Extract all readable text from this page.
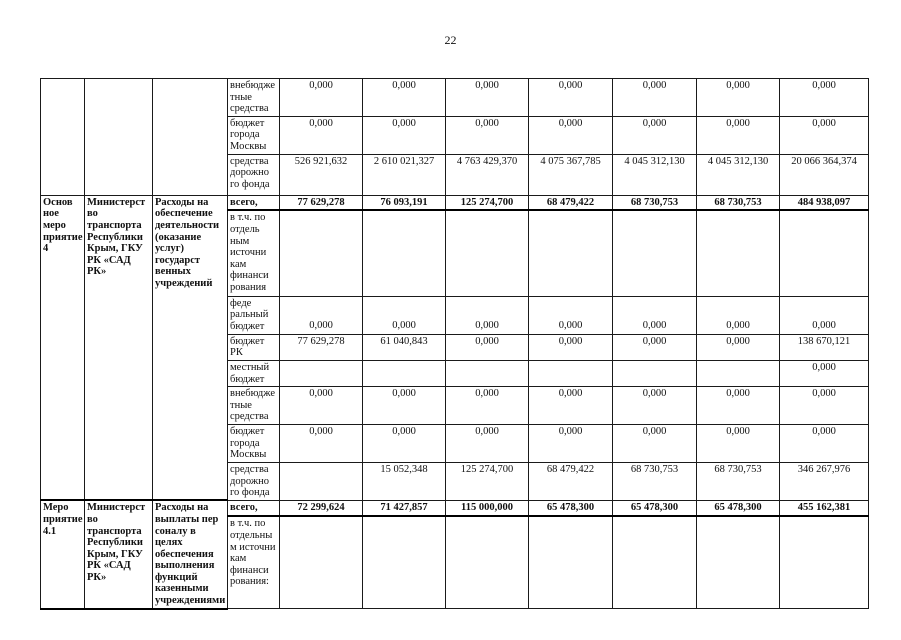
22
			внебюдже тные средства	0,000	0,000	0,000	0,000	0,000	0,000	0,000
			бюджет города Москвы	0,000	0,000	0,000	0,000	0,000	0,000	0,000
			средства дорожно го фонда	526 921,632	2 610 021,327	4 763 429,370	4 075 367,785	4 045 312,130	4 045 312,130	20 066 364,374
Основ ное меро приятие 4	Министерст во транспорта Республики Крым, ГКУ РК «САД РК»	Расходы на обеспечение деятельности (оказание услуг) государст венных учреждений	всего,	77 629,278	76 093,191	125 274,700	68 479,422	68 730,753	68 730,753	484 938,097
			в т.ч. по отдель ным источни кам финанси рования							
			феде ральный бюджет	0,000	0,000	0,000	0,000	0,000	0,000	0,000
			бюджет РК	77 629,278	61 040,843	0,000	0,000	0,000	0,000	138 670,121
			местный бюджет							0,000
			внебюдже тные средства	0,000	0,000	0,000	0,000	0,000	0,000	0,000
			бюджет города Москвы	0,000	0,000	0,000	0,000	0,000	0,000	0,000
			средства дорожно го фонда		15 052,348	125 274,700	68 479,422	68 730,753	68 730,753	346 267,976
Меро приятие 4.1	Министерст во транспорта Республики Крым, ГКУ РК «САД РК»	Расходы на выплаты пер соналу в целях обеспечения выполнения функций казенными учреждениями	всего,	72 299,624	71 427,857	115 000,000	65 478,300	65 478,300	65 478,300	455 162,381
			в т.ч. по отдельны м источни кам финанси рования:							
